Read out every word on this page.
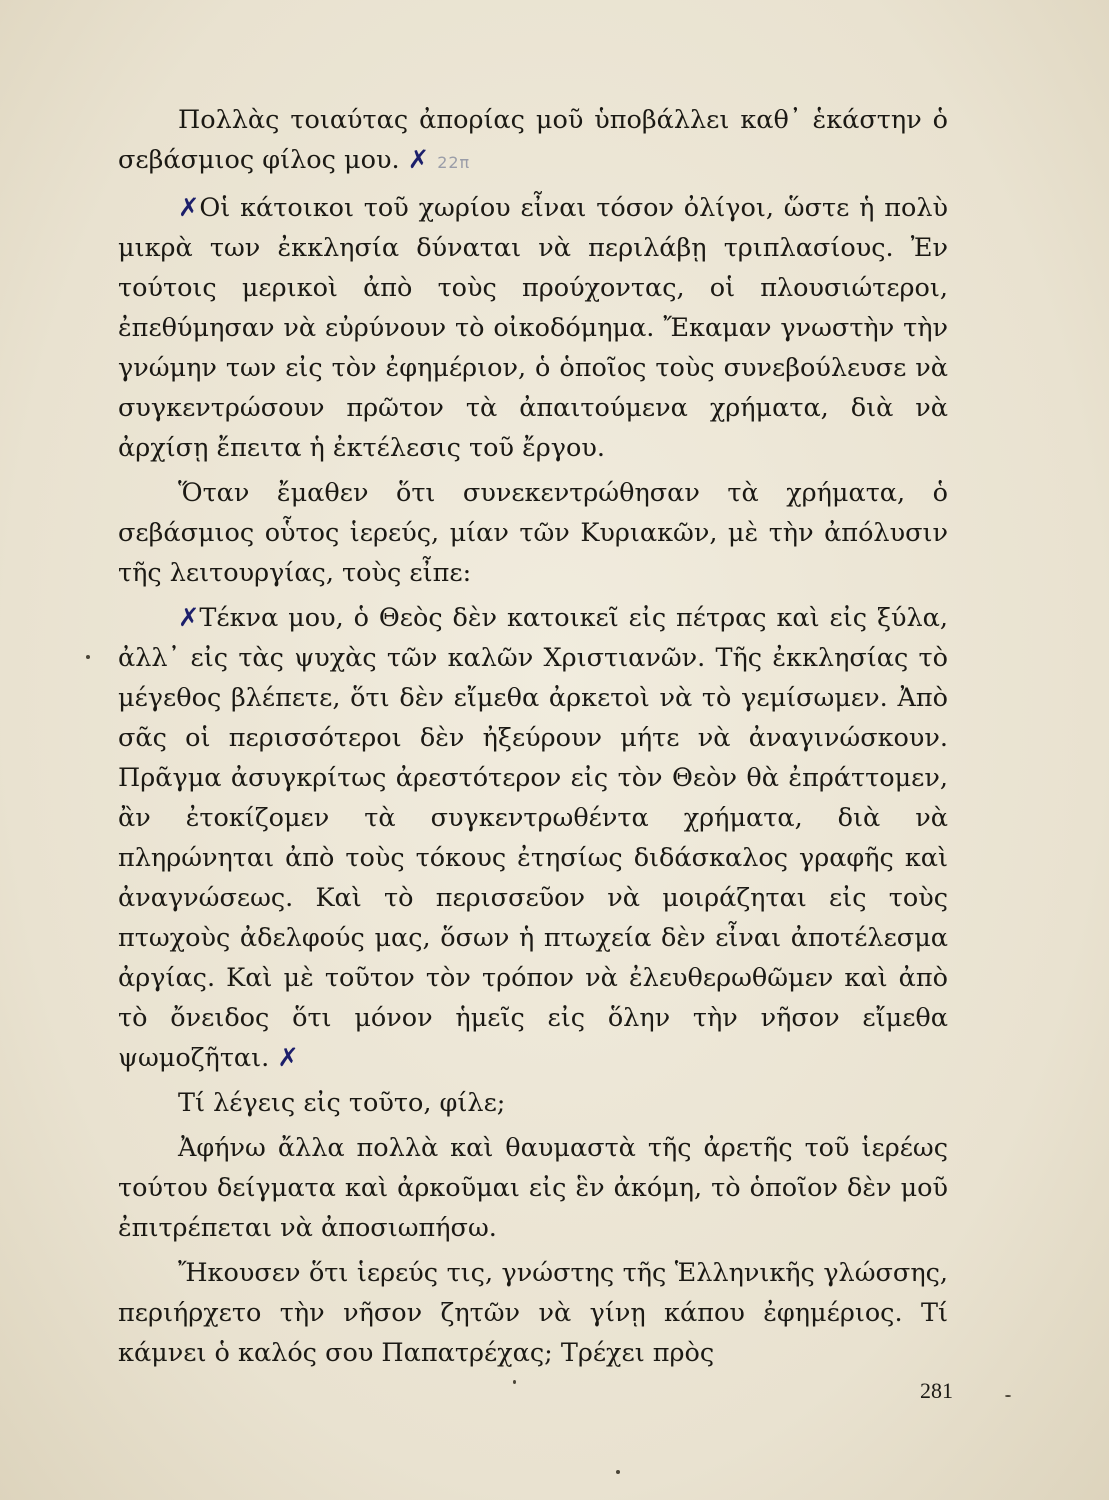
Πολλὰς τοιαύτας ἀπορίας μοῦ ὑποβάλλει καθ᾽ ἑκάστην ὁ σεβάσμιος φίλος μου. ✗ 22π

✗Οἱ κάτοικοι τοῦ χωρίου εἶναι τόσον ὀλίγοι, ὥστε ἡ πολὺ μικρὰ των ἐκκλησία δύναται νὰ περιλάβῃ τριπλασίους. Ἐν τούτοις μερικοὶ ἀπὸ τοὺς προύχοντας, οἱ πλουσιώτεροι, ἐπεθύμησαν νὰ εὐρύνουν τὸ οἰκοδόμημα. Ἔκαμαν γνωστὴν τὴν γνώμην των εἰς τὸν ἐφημέριον, ὁ ὁποῖος τοὺς συνεβούλευσε νὰ συγκεντρώσουν πρῶτον τὰ ἀπαιτούμενα χρήματα, διὰ νὰ ἀρχίσῃ ἔπειτα ἡ ἐκτέλεσις τοῦ ἔργου.

Ὅταν ἔμαθεν ὅτι συνεκεντρώθησαν τὰ χρήματα, ὁ σεβάσμιος οὗτος ἱερεύς, μίαν τῶν Κυριακῶν, μὲ τὴν ἀπόλυσιν τῆς λειτουργίας, τοὺς εἶπε:

✗Τέκνα μου, ὁ Θεὸς δὲν κατοικεῖ εἰς πέτρας καὶ εἰς ξύλα, ἀλλ᾽ εἰς τὰς ψυχὰς τῶν καλῶν Χριστιανῶν. Τῆς ἐκκλησίας τὸ μέγεθος βλέπετε, ὅτι δὲν εἴμεθα ἀρκετοὶ νὰ τὸ γεμίσωμεν. Ἀπὸ σᾶς οἱ περισσότεροι δὲν ἠξεύρουν μήτε νὰ ἀναγινώσκουν. Πρᾶγμα ἀσυγκρίτως ἀρεστότερον εἰς τὸν Θεὸν θὰ ἐπράττομεν, ἂν ἐτοκίζομεν τὰ συγκεντρωθέντα χρήματα, διὰ νὰ πληρώνηται ἀπὸ τοὺς τόκους ἐτησίως διδάσκαλος γραφῆς καὶ ἀναγνώσεως. Καὶ τὸ περισσεῦον νὰ μοιράζηται εἰς τοὺς πτωχοὺς ἀδελφούς μας, ὅσων ἡ πτωχεία δὲν εἶναι ἀποτέλεσμα ἀργίας. Καὶ μὲ τοῦτον τὸν τρόπον νὰ ἐλευθερωθῶμεν καὶ ἀπὸ τὸ ὄνειδος ὅτι μόνον ἡμεῖς εἰς ὅλην τὴν νῆσον εἴμεθα ψωμοζῆται. ✗

Τί λέγεις εἰς τοῦτο, φίλε;

Ἀφήνω ἄλλα πολλὰ καὶ θαυμαστὰ τῆς ἀρετῆς τοῦ ἱερέως τούτου δείγματα καὶ ἀρκοῦμαι εἰς ἓν ἀκόμη, τὸ ὁποῖον δὲν μοῦ ἐπιτρέπεται νὰ ἀποσιωπήσω.

Ἤκουσεν ὅτι ἱερεύς τις, γνώστης τῆς Ἑλληνικῆς γλώσσης, περιήρχετο τὴν νῆσον ζητῶν νὰ γίνῃ κάπου ἐφημέριος. Τί κάμνει ὁ καλός σου Παπατρέχας; Τρέχει πρὸς

281
